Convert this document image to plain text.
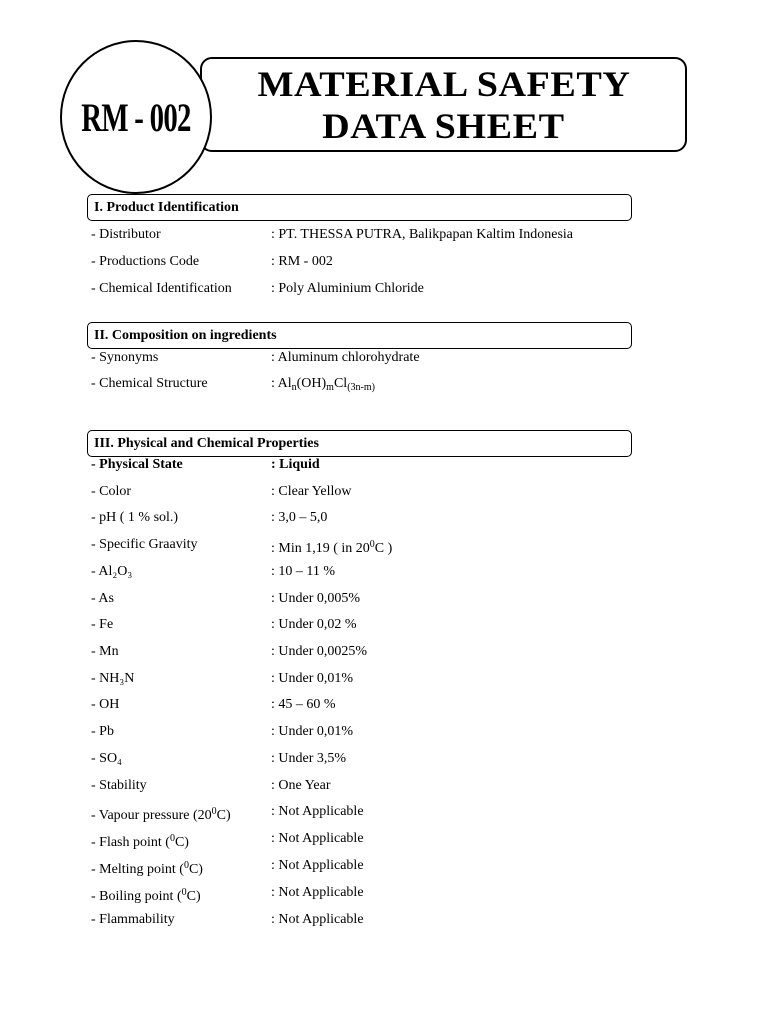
RM - 002
MATERIAL SAFETY
DATA SHEET
I. Product Identification
- Distributor	: PT. THESSA PUTRA, Balikpapan Kaltim Indonesia
- Productions Code	: RM - 002
- Chemical Identification	: Poly Aluminium Chloride
II. Composition on ingredients
- Synonyms	: Aluminum chlorohydrate
- Chemical Structure	: $Al_n(OH)_mCl_{(3n-m)}$
III. Physical and Chemical Properties
- Physical State	: Liquid
- Color	: Clear Yellow
- pH ( 1 % sol.)	: 3,0 – 5,0
- Specific Graavity	: Min 1,19 ( in $20^0C$ )
- Al₂O₃	: 10 – 11 %
- As	: Under 0,005%
- Fe	: Under 0,02 %
- Mn	: Under 0,0025%
- NH₃N	: Under 0,01%
- OH	: 45 – 60 %
- Pb	: Under 0,01%
- SO₄	: Under 3,5%
- Stability	: One Year
- Vapour pressure $(20^0C)$	: Not Applicable
- Flash point ($^0$C)	: Not Applicable
- Melting point ($^0$C)	: Not Applicable
- Boiling point ($^0$C)	: Not Applicable
- Flammability	: Not Applicable
